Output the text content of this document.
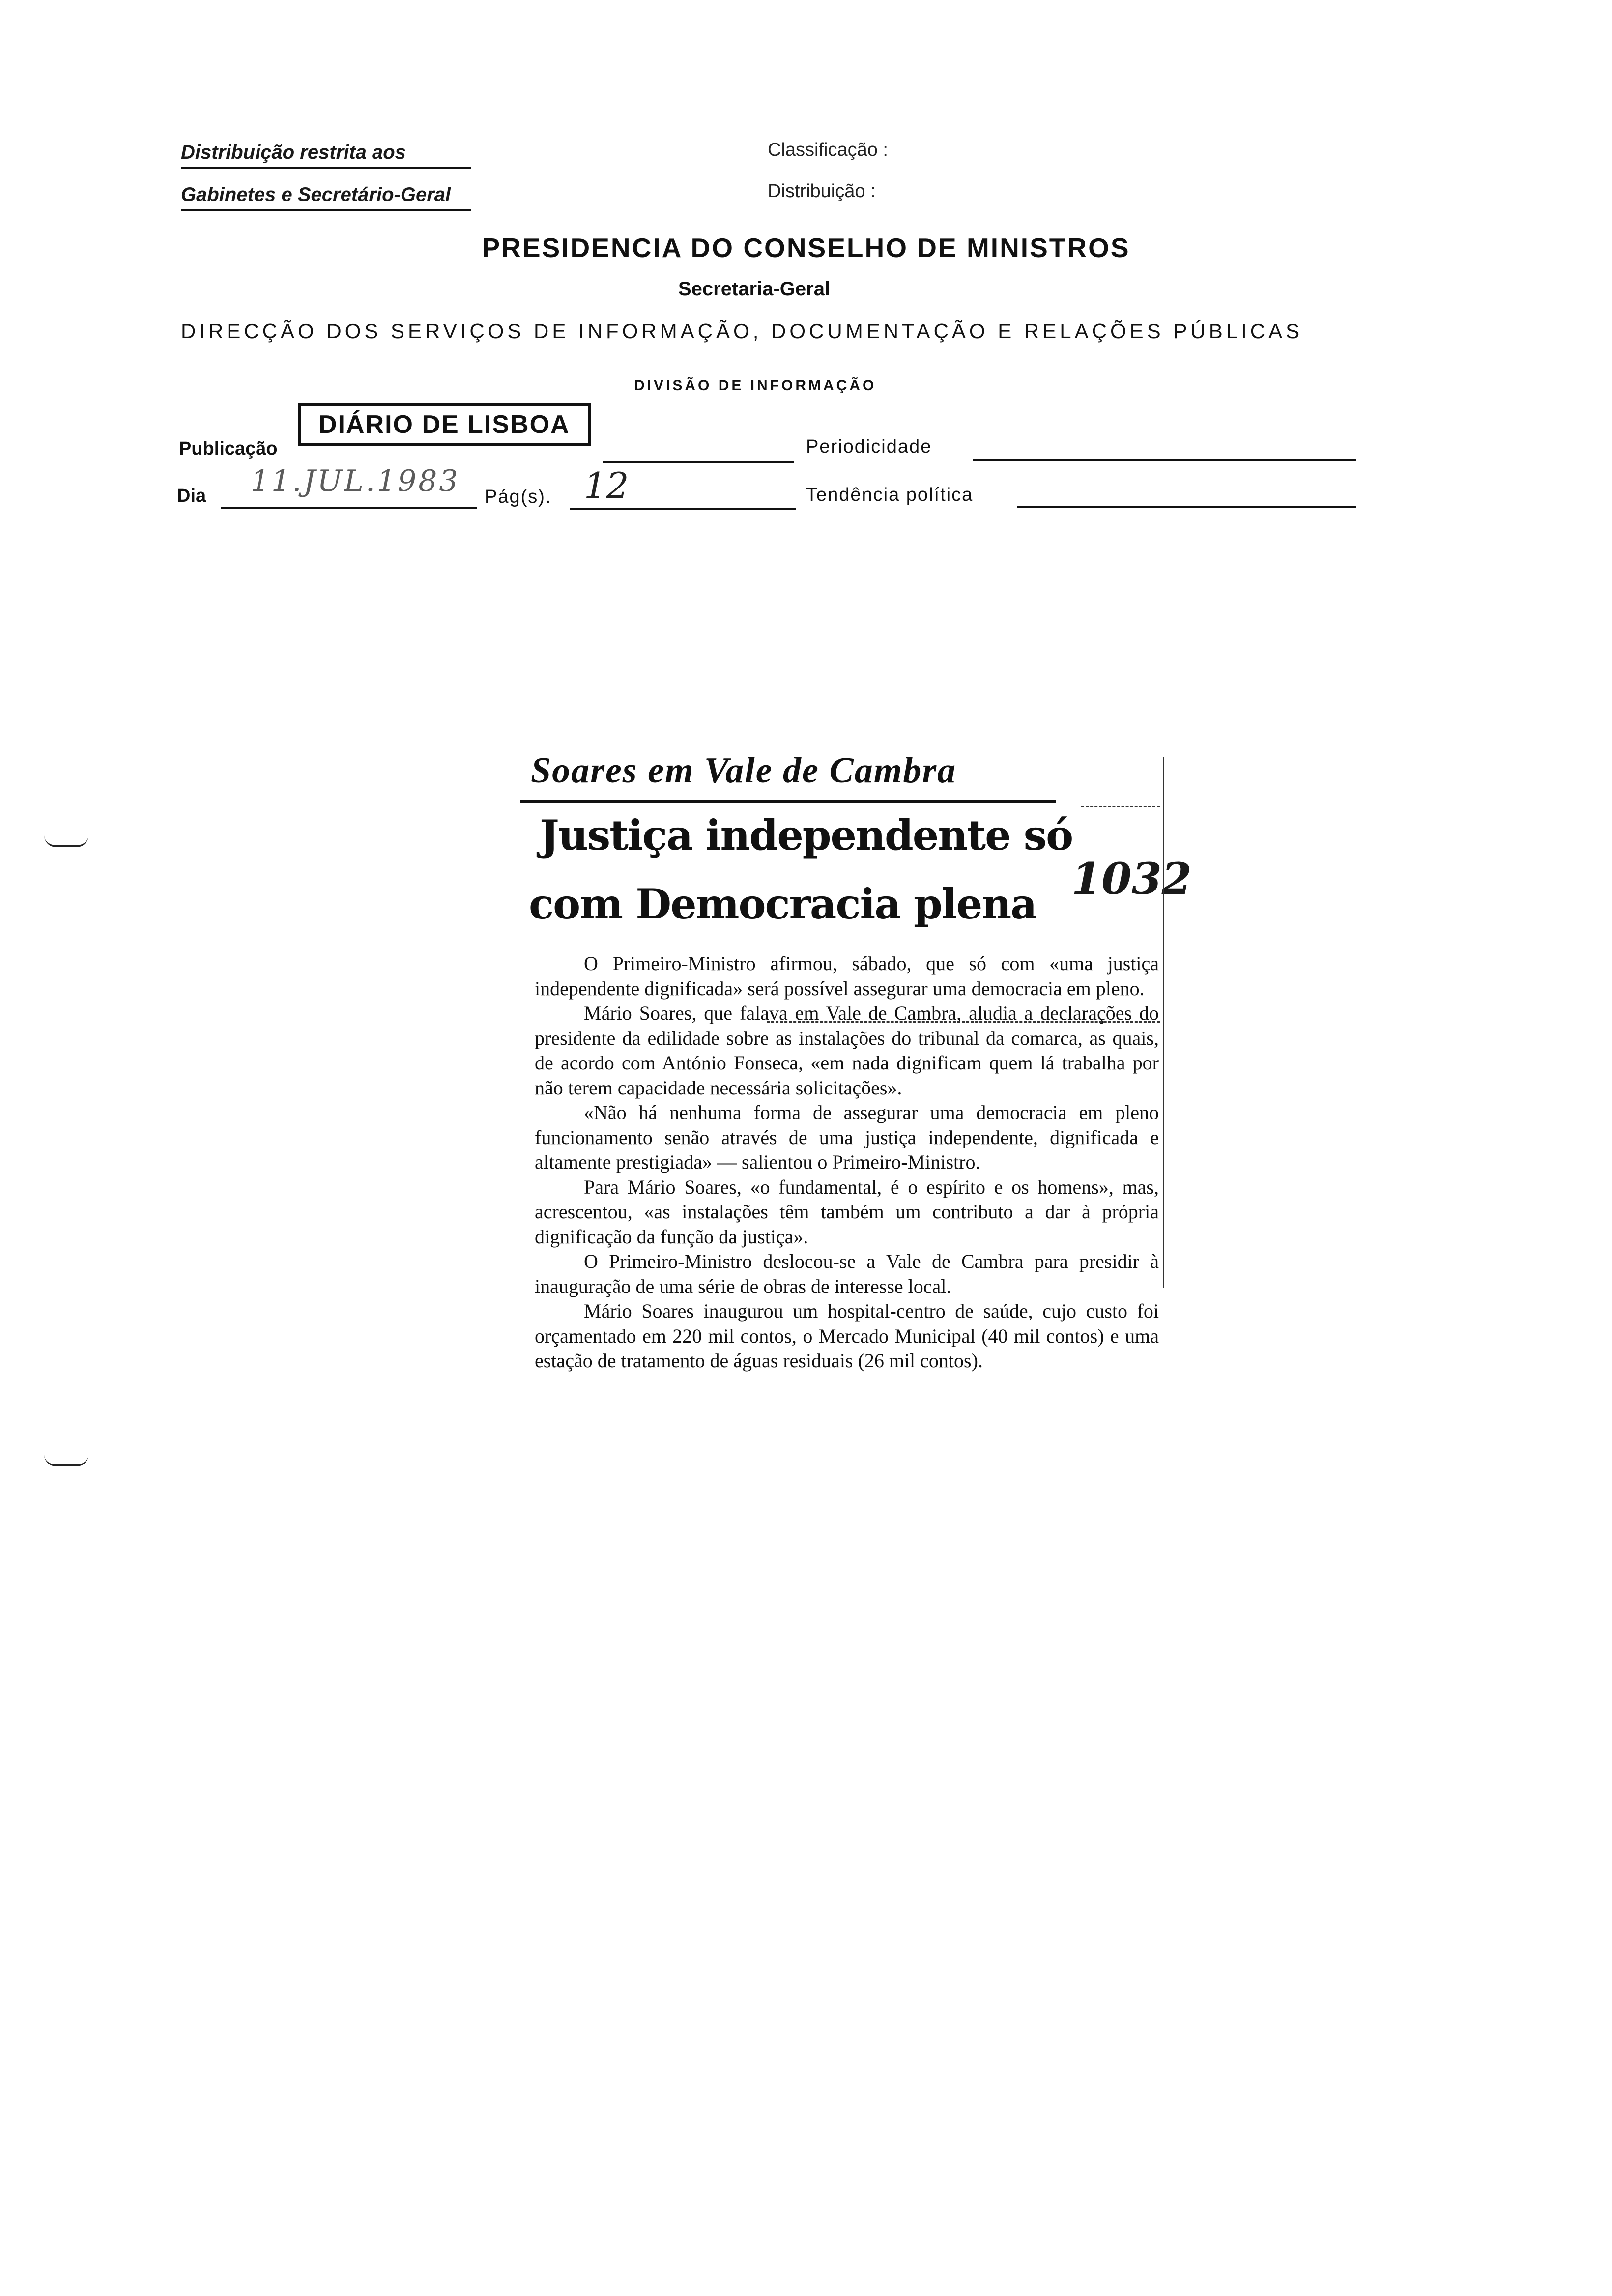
Distribuição restrita aos
Gabinetes e Secretário-Geral
Classificação :
Distribuição :
PRESIDENCIA DO CONSELHO DE MINISTROS
Secretaria-Geral
DIRECÇÃO DOS SERVIÇOS DE INFORMAÇÃO, DOCUMENTAÇÃO E RELAÇÕES PÚBLICAS
DIVISÃO DE INFORMAÇÃO
DIÁRIO DE LISBOA
Publicação	Periodicidade
Dia 11.JUL.1983 Pág(s). 12	Tendência política
Soares em Vale de Cambra
Justiça independente só
com Democracia plena 1032

O Primeiro-Ministro afirmou, sábado, que só com «uma justiça independente dignificada» será possível assegurar uma democracia em pleno.

Mário Soares, que falava em Vale de Cambra, aludia a declarações do presidente da edilidade sobre as instalações do tribunal da comarca, as quais, de acordo com António Fonseca, «em nada dignificam quem lá trabalha por não terem capacidade necessária solicitações».

«Não há nenhuma forma de assegurar uma democracia em pleno funcionamento senão através de uma justiça independente, dignificada e altamente prestigiada» — salientou o Primeiro-Ministro.

Para Mário Soares, «o fundamental, é o espírito e os homens», mas, acrescentou, «as instalações têm também um contributo a dar à própria dignificação da função da justiça».

O Primeiro-Ministro deslocou-se a Vale de Cambra para presidir à inauguração de uma série de obras de interesse local.

Mário Soares inaugurou um hospital-centro de saúde, cujo custo foi orçamentado em 220 mil contos, o Mercado Municipal (40 mil contos) e uma estação de tratamento de águas residuais (26 mil contos).
